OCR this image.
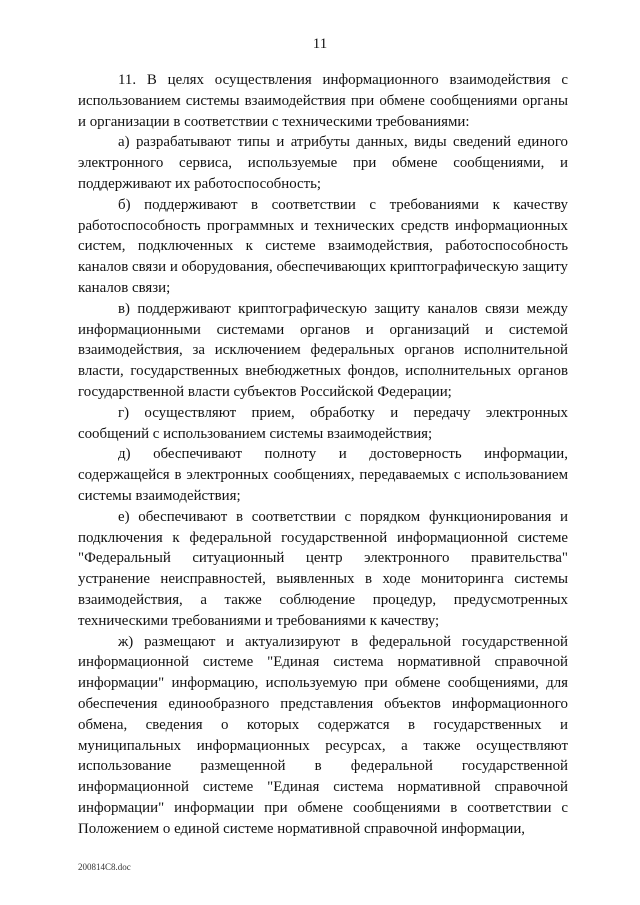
11

11. В целях осуществления информационного взаимодействия с использованием системы взаимодействия при обмене сообщениями органы и организации в соответствии с техническими требованиями:

а) разрабатывают типы и атрибуты данных, виды сведений единого электронного сервиса, используемые при обмене сообщениями, и поддерживают их работоспособность;

б) поддерживают в соответствии с требованиями к качеству работоспособность программных и технических средств информационных систем, подключенных к системе взаимодействия, работоспособность каналов связи и оборудования, обеспечивающих криптографическую защиту каналов связи;

в) поддерживают криптографическую защиту каналов связи между информационными системами органов и организаций и системой взаимодействия, за исключением федеральных органов исполнительной власти, государственных внебюджетных фондов, исполнительных органов государственной власти субъектов Российской Федерации;

г) осуществляют прием, обработку и передачу электронных сообщений с использованием системы взаимодействия;

д) обеспечивают полноту и достоверность информации, содержащейся в электронных сообщениях, передаваемых с использованием системы взаимодействия;

е) обеспечивают в соответствии с порядком функционирования и подключения к федеральной государственной информационной системе "Федеральный ситуационный центр электронного правительства" устранение неисправностей, выявленных в ходе мониторинга системы взаимодействия, а также соблюдение процедур, предусмотренных техническими требованиями и требованиями к качеству;

ж) размещают и актуализируют в федеральной государственной информационной системе "Единая система нормативной справочной информации" информацию, используемую при обмене сообщениями, для обеспечения единообразного представления объектов информационного обмена, сведения о которых содержатся в государственных и муниципальных информационных ресурсах, а также осуществляют использование размещенной в федеральной государственной информационной системе "Единая система нормативной справочной информации" информации при обмене сообщениями в соответствии с Положением о единой системе нормативной справочной информации,

200814C8.doc
